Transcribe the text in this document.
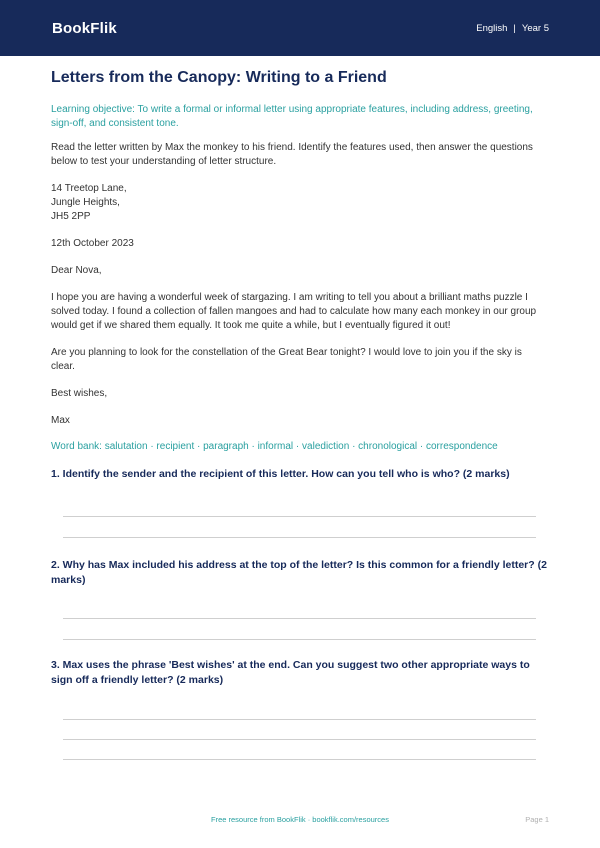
BookFlik	English | Year 5
Letters from the Canopy: Writing to a Friend
Learning objective: To write a formal or informal letter using appropriate features, including address, greeting, sign-off, and consistent tone.
Read the letter written by Max the monkey to his friend. Identify the features used, then answer the questions below to test your understanding of letter structure.
14 Treetop Lane,
Jungle Heights,
JH5 2PP
12th October 2023
Dear Nova,
I hope you are having a wonderful week of stargazing. I am writing to tell you about a brilliant maths puzzle I solved today. I found a collection of fallen mangoes and had to calculate how many each monkey in our group would get if we shared them equally. It took me quite a while, but I eventually figured it out!
Are you planning to look for the constellation of the Great Bear tonight? I would love to join you if the sky is clear.
Best wishes,
Max
Word bank: salutation · recipient · paragraph · informal · valediction · chronological · correspondence
1. Identify the sender and the recipient of this letter. How can you tell who is who? (2 marks)
2. Why has Max included his address at the top of the letter? Is this common for a friendly letter? (2 marks)
3. Max uses the phrase 'Best wishes' at the end. Can you suggest two other appropriate ways to sign off a friendly letter? (2 marks)
Free resource from BookFlik · bookflik.com/resources	Page 1
